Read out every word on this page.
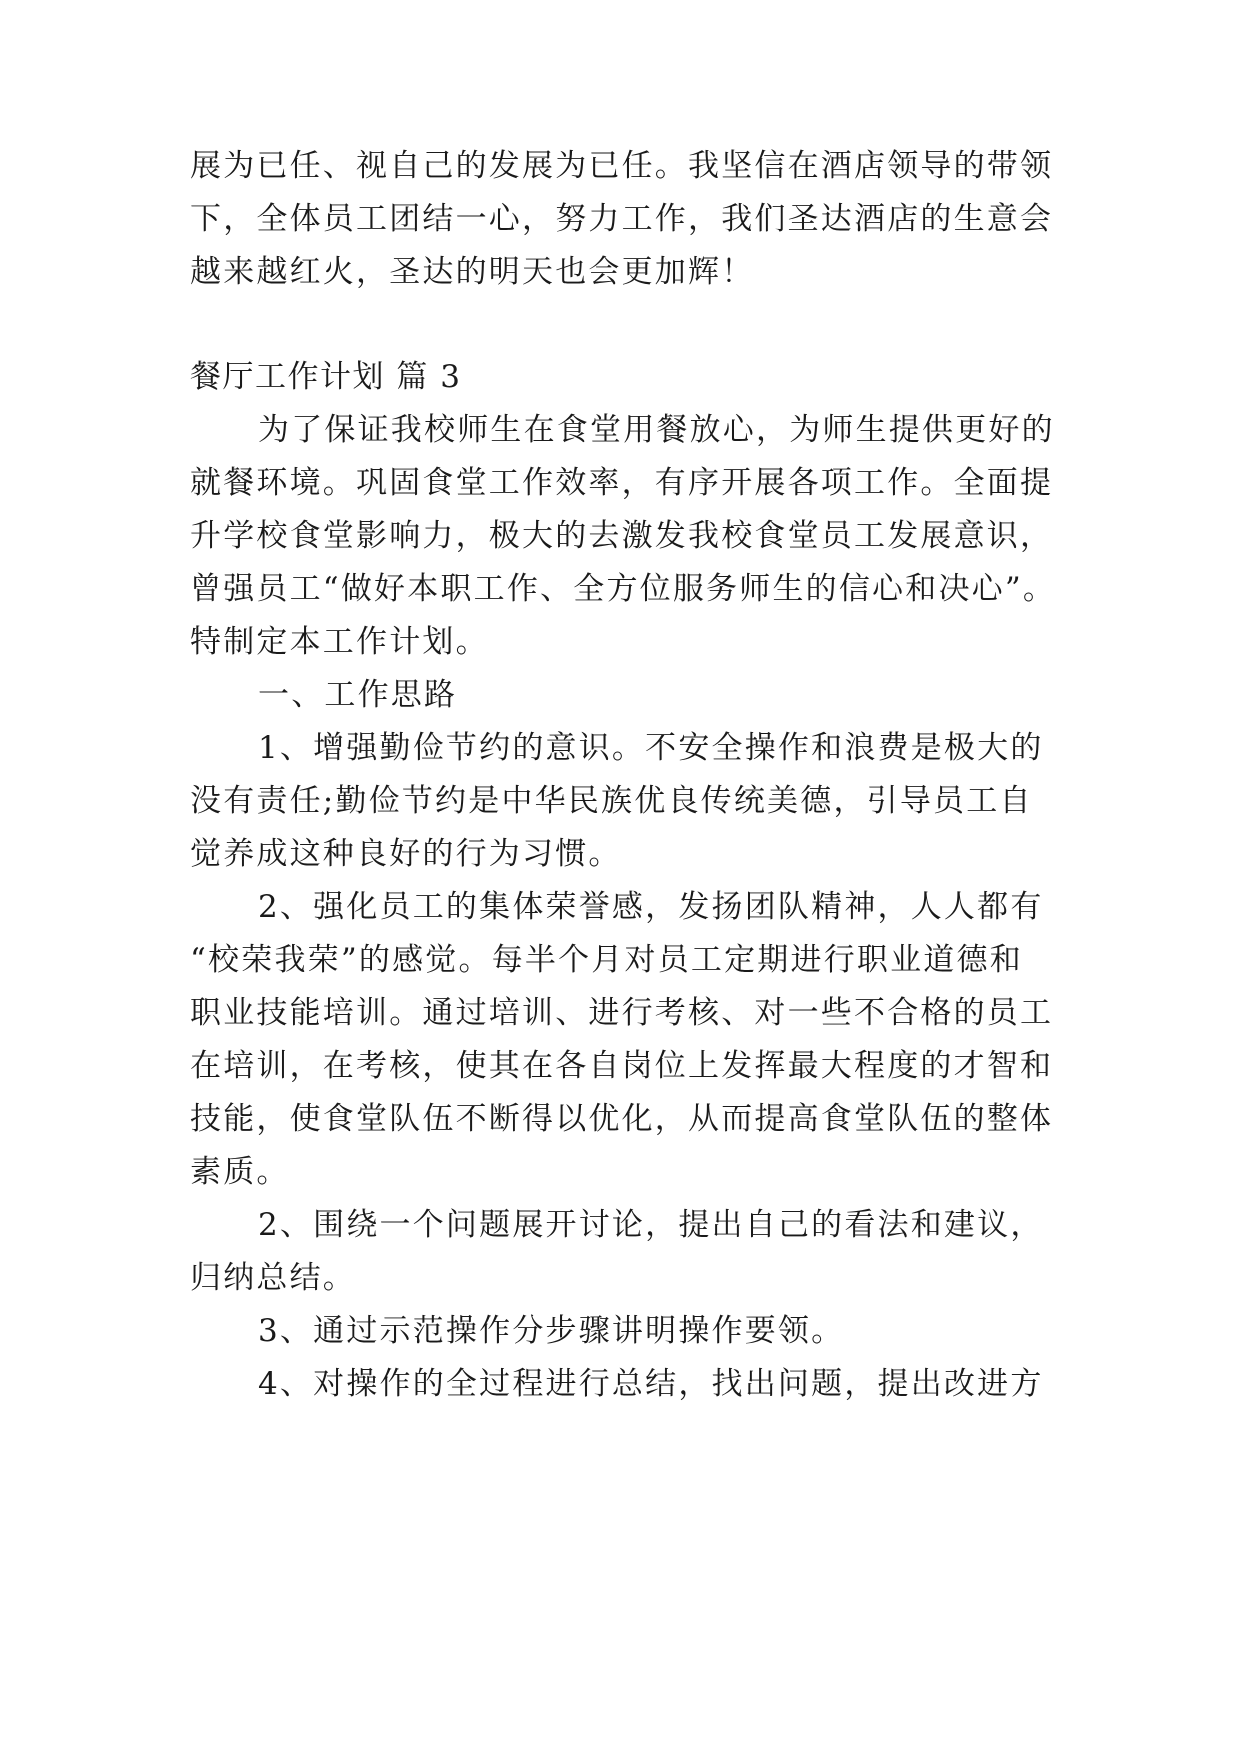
展为已任、视自己的发展为已任。我坚信在酒店领导的带领
下，全体员工团结一心，努力工作，我们圣达酒店的生意会
越来越红火，圣达的明天也会更加辉！
餐厅工作计划 篇 3
为了保证我校师生在食堂用餐放心，为师生提供更好的
就餐环境。巩固食堂工作效率，有序开展各项工作。全面提
升学校食堂影响力，极大的去激发我校食堂员工发展意识，
曾强员工“做好本职工作、全方位服务师生的信心和决心”。
特制定本工作计划。
一、工作思路
1、增强勤俭节约的意识。不安全操作和浪费是极大的
没有责任;勤俭节约是中华民族优良传统美德，引导员工自
觉养成这种良好的行为习惯。
2、强化员工的集体荣誉感，发扬团队精神，人人都有
“校荣我荣”的感觉。每半个月对员工定期进行职业道德和
职业技能培训。通过培训、进行考核、对一些不合格的员工
在培训，在考核，使其在各自岗位上发挥最大程度的才智和
技能，使食堂队伍不断得以优化，从而提高食堂队伍的整体
素质。
2、围绕一个问题展开讨论，提出自己的看法和建议，
归纳总结。
3、通过示范操作分步骤讲明操作要领。
4、对操作的全过程进行总结，找出问题，提出改进方
